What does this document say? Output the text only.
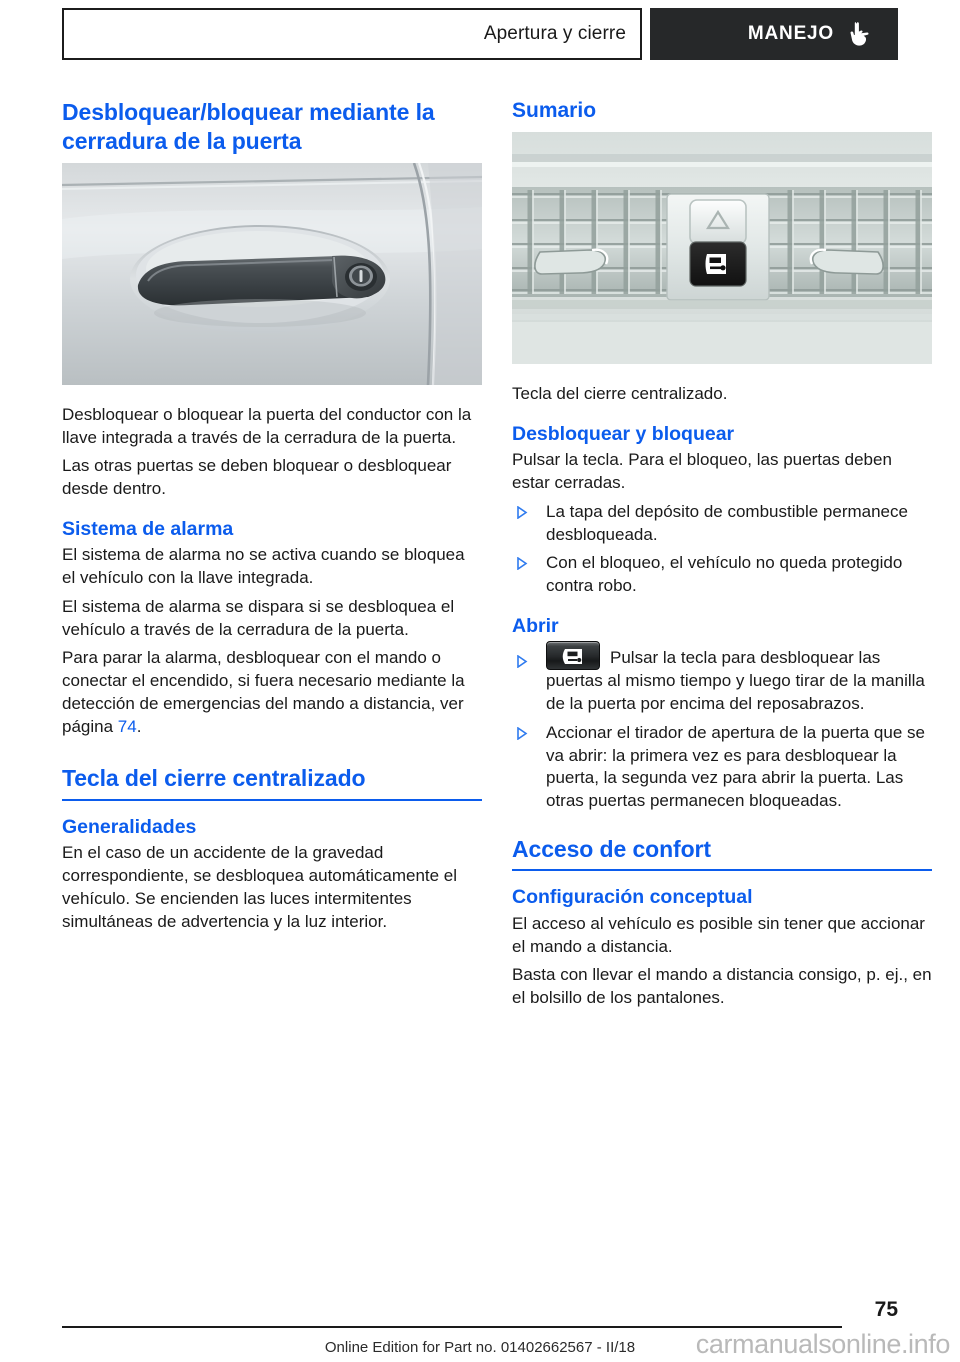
Apertura y cierre	MANEJO
Desbloquear/bloquear mediante la cerradura de la puerta

Desbloquear o bloquear la puerta del conductor con la llave integrada a través de la cerradura de la puerta.

Las otras puertas se deben bloquear o desbloquear desde dentro.

Sistema de alarma

El sistema de alarma no se activa cuando se bloquea el vehículo con la llave integrada.

El sistema de alarma se dispara si se desbloquea el vehículo a través de la cerradura de la puerta.

Para parar la alarma, desbloquear con el mando o conectar el encendido, si fuera necesario mediante la detección de emergencias del mando a distancia, ver página 74.

Tecla del cierre centralizado
Generalidades

En el caso de un accidente de la gravedad correspondiente, se desbloquea automáticamente el vehículo. Se encienden las luces intermitentes simultáneas de advertencia y la luz interior.

Sumario

Tecla del cierre centralizado.

Desbloquear y bloquear

Pulsar la tecla. Para el bloqueo, las puertas deben estar cerradas.

La tapa del depósito de combustible permanece desbloqueada.
Con el bloqueo, el vehículo no queda protegido contra robo.
Abrir
Pulsar la tecla para desbloquear las puertas al mismo tiempo y luego tirar de la manilla de la puerta por encima del reposabrazos.
Accionar el tirador de apertura de la puerta que se va abrir: la primera vez es para desbloquear la puerta, la segunda vez para abrir la puerta. Las otras puertas permanecen bloqueadas.
Acceso de confort
Configuración conceptual

El acceso al vehículo es posible sin tener que accionar el mando a distancia.

Basta con llevar el mando a distancia consigo, p. ej., en el bolsillo de los pantalones.

75
Online Edition for Part no. 01402662567 - II/18	carmanualsonline.info
